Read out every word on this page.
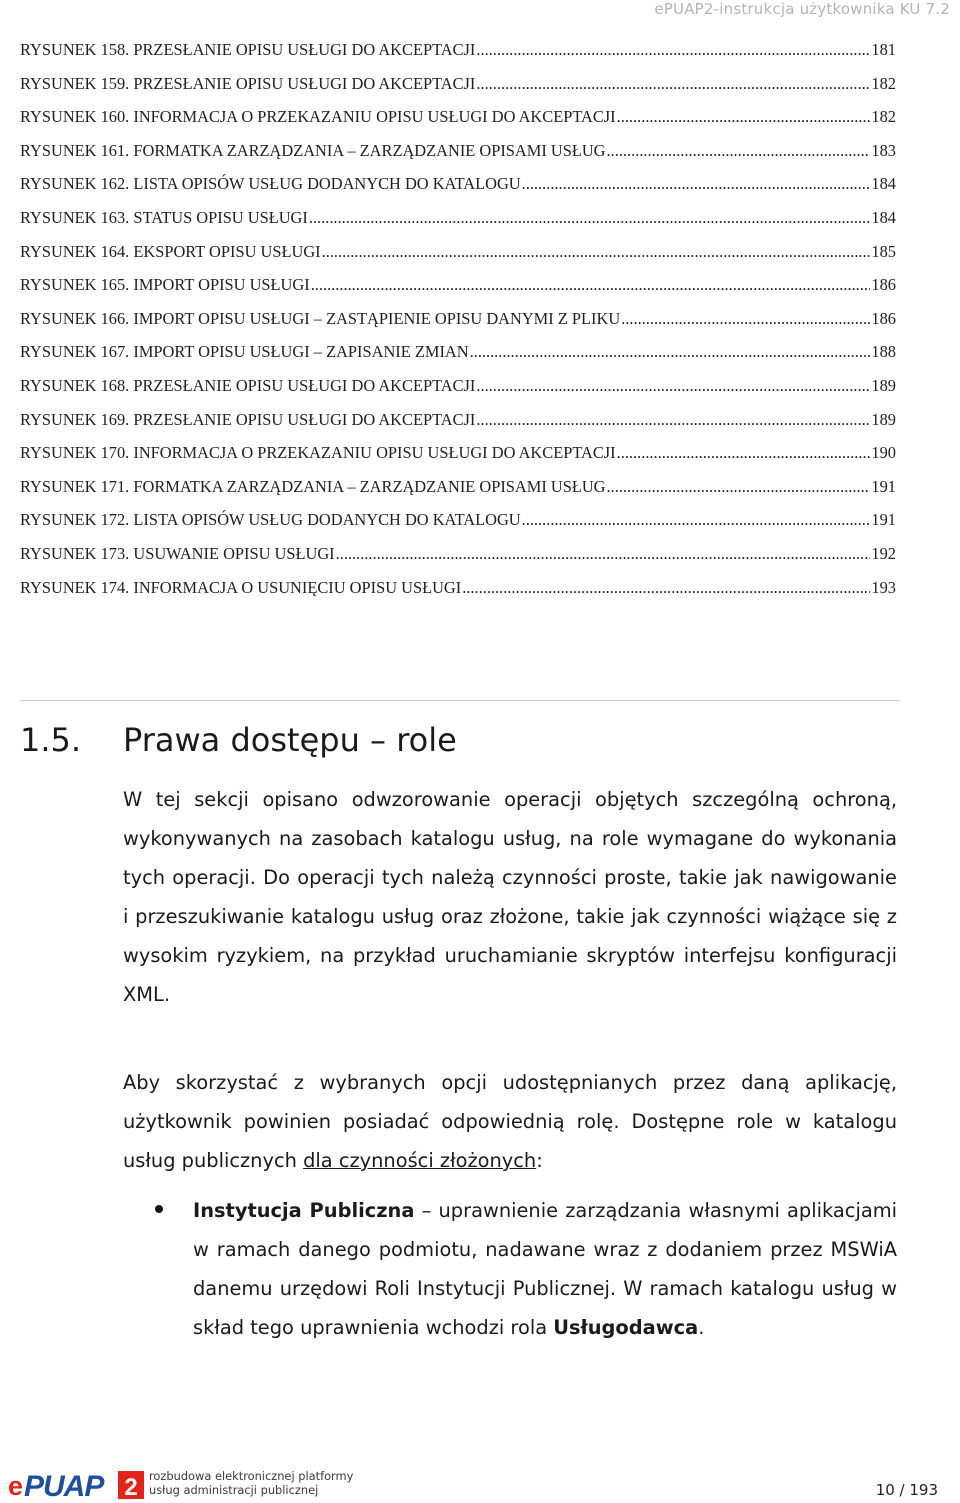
ePUAP2-instrukcja użytkownika KU 7.2
RYSUNEK 158. PRZESŁANIE OPISU USŁUGI DO AKCEPTACJI .....	181
RYSUNEK 159. PRZESŁANIE OPISU USŁUGI DO AKCEPTACJI .....	182
RYSUNEK 160. INFORMACJA O PRZEKAZANIU OPISU USŁUGI DO AKCEPTACJI .....	182
RYSUNEK 161. FORMATKA ZARZĄDZANIA – ZARZĄDZANIE OPISAMI USŁUG .....	183
RYSUNEK 162. LISTA OPISÓW USŁUG DODANYCH DO KATALOGU .....	184
RYSUNEK 163. STATUS OPISU USŁUGI .....	184
RYSUNEK 164. EKSPORT OPISU USŁUGI .....	185
RYSUNEK 165. IMPORT OPISU USŁUGI .....	186
RYSUNEK 166. IMPORT OPISU USŁUGI – ZASTĄPIENIE OPISU DANYMI Z PLIKU .....	186
RYSUNEK 167. IMPORT OPISU USŁUGI – ZAPISANIE ZMIAN .....	188
RYSUNEK 168. PRZESŁANIE OPISU USŁUGI DO AKCEPTACJI .....	189
RYSUNEK 169. PRZESŁANIE OPISU USŁUGI DO AKCEPTACJI .....	189
RYSUNEK 170. INFORMACJA O PRZEKAZANIU OPISU USŁUGI DO AKCEPTACJI .....	190
RYSUNEK 171. FORMATKA ZARZĄDZANIA – ZARZĄDZANIE OPISAMI USŁUG .....	191
RYSUNEK 172. LISTA OPISÓW USŁUG DODANYCH DO KATALOGU .....	191
RYSUNEK 173. USUWANIE OPISU USŁUGI .....	192
RYSUNEK 174. INFORMACJA O USUNIĘCIU OPISU USŁUGI .....	193
1.5. Prawa dostępu – role

W tej sekcji opisano odwzorowanie operacji objętych szczególną ochroną, wykonywanych na zasobach katalogu usług, na role wymagane do wykonania tych operacji. Do operacji tych należą czynności proste, takie jak nawigowanie i przeszukiwanie katalogu usług oraz złożone, takie jak czynności wiążące się z wysokim ryzykiem, na przykład uruchamianie skryptów interfejsu konfiguracji XML.

Aby skorzystać z wybranych opcji udostępnianych przez daną aplikację, użytkownik powinien posiadać odpowiednią rolę. Dostępne role w katalogu usług publicznych dla czynności złożonych:

Instytucja Publiczna – uprawnienie zarządzania własnymi aplikacjami w ramach danego podmiotu, nadawane wraz z dodaniem przez MSWiA danemu urzędowi Roli Instytucji Publicznej. W ramach katalogu usług w skład tego uprawnienia wchodzi rola Usługodawca.
e PUAP 2 rozbudowa elektronicznej platformy
usług administracji publicznej	10 / 193
